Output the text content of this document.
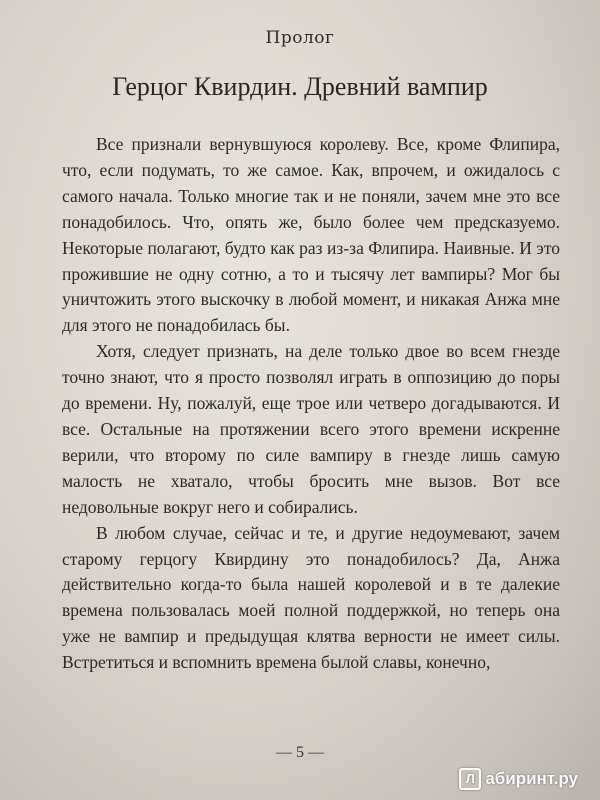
Пролог
Герцог Квирдин. Древний вампир

Все признали вернувшуюся королеву. Все, кроме Флипира, что, если подумать, то же самое. Как, впрочем, и ожидалось с самого начала. Только многие так и не поняли, зачем мне это все понадобилось. Что, опять же, было более чем предсказуемо. Некоторые полагают, будто как раз из-за Флипира. Наивные. И это прожившие не одну сотню, а то и тысячу лет вампиры? Мог бы уничтожить этого выскочку в любой момент, и никакая Анжа мне для этого не понадобилась бы.

Хотя, следует признать, на деле только двое во всем гнезде точно знают, что я просто позволял играть в оппозицию до поры до времени. Ну, пожалуй, еще трое или четверо догадываются. И все. Остальные на протяжении всего этого времени искренне верили, что второму по силе вампиру в гнезде лишь самую малость не хватало, чтобы бросить мне вызов. Вот все недовольные вокруг него и собирались.

В любом случае, сейчас и те, и другие недоумевают, зачем старому герцогу Квирдину это понадобилось? Да, Анжа действительно когда-то была нашей королевой и в те далекие времена пользовалась моей полной поддержкой, но теперь она уже не вампир и предыдущая клятва верности не имеет силы. Встретиться и вспомнить времена былой славы, конечно,

— 5 —
Л абиринт.ру
